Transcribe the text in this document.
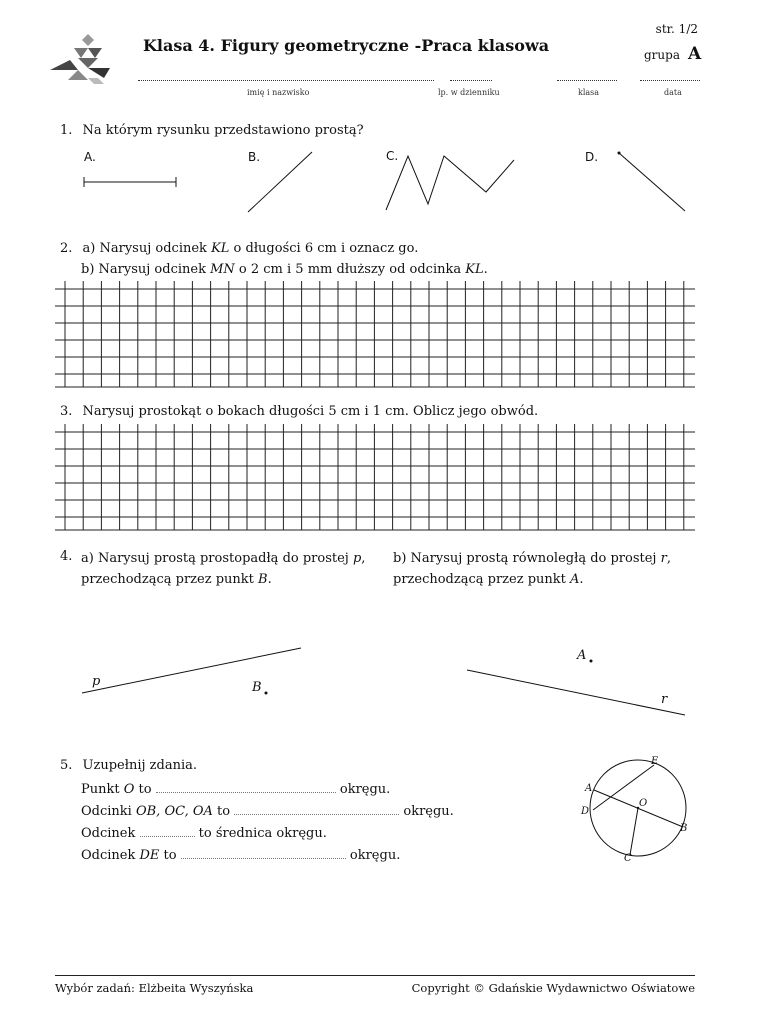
Klasa 4. Figury geometryczne -Praca klasowa
str. 1/2
grupa A
imię i nazwisko	lp. w dzienniku	klasa	data
1. Na którym rysunku przedstawiono prostą?
A.	B.	C.	D.
2. a) Narysuj odcinek KL o długości 6 cm i oznacz go.
b) Narysuj odcinek MN o 2 cm i 5 mm dłuższy od odcinka KL.
3. Narysuj prostokąt o bokach długości 5 cm i 1 cm. Oblicz jego obwód.
4. a) Narysuj prostą prostopadłą do prostej p,
przechodzącą przez punkt B.
b) Narysuj prostą równoległą do prostej r,
przechodzącą przez punkt A.
p	B
A
r
5. Uzupełnij zdania.
Punkt O to	okręgu.
Odcinki OB, OC, OA to	okręgu.
Odcinek	to średnica okręgu.
Odcinek DE to	okręgu.
E
A
D
O
B
C
Wybór zadań: Elżbeita Wyszyńska	Copyright © Gdańskie Wydawnictwo Oświatowe
